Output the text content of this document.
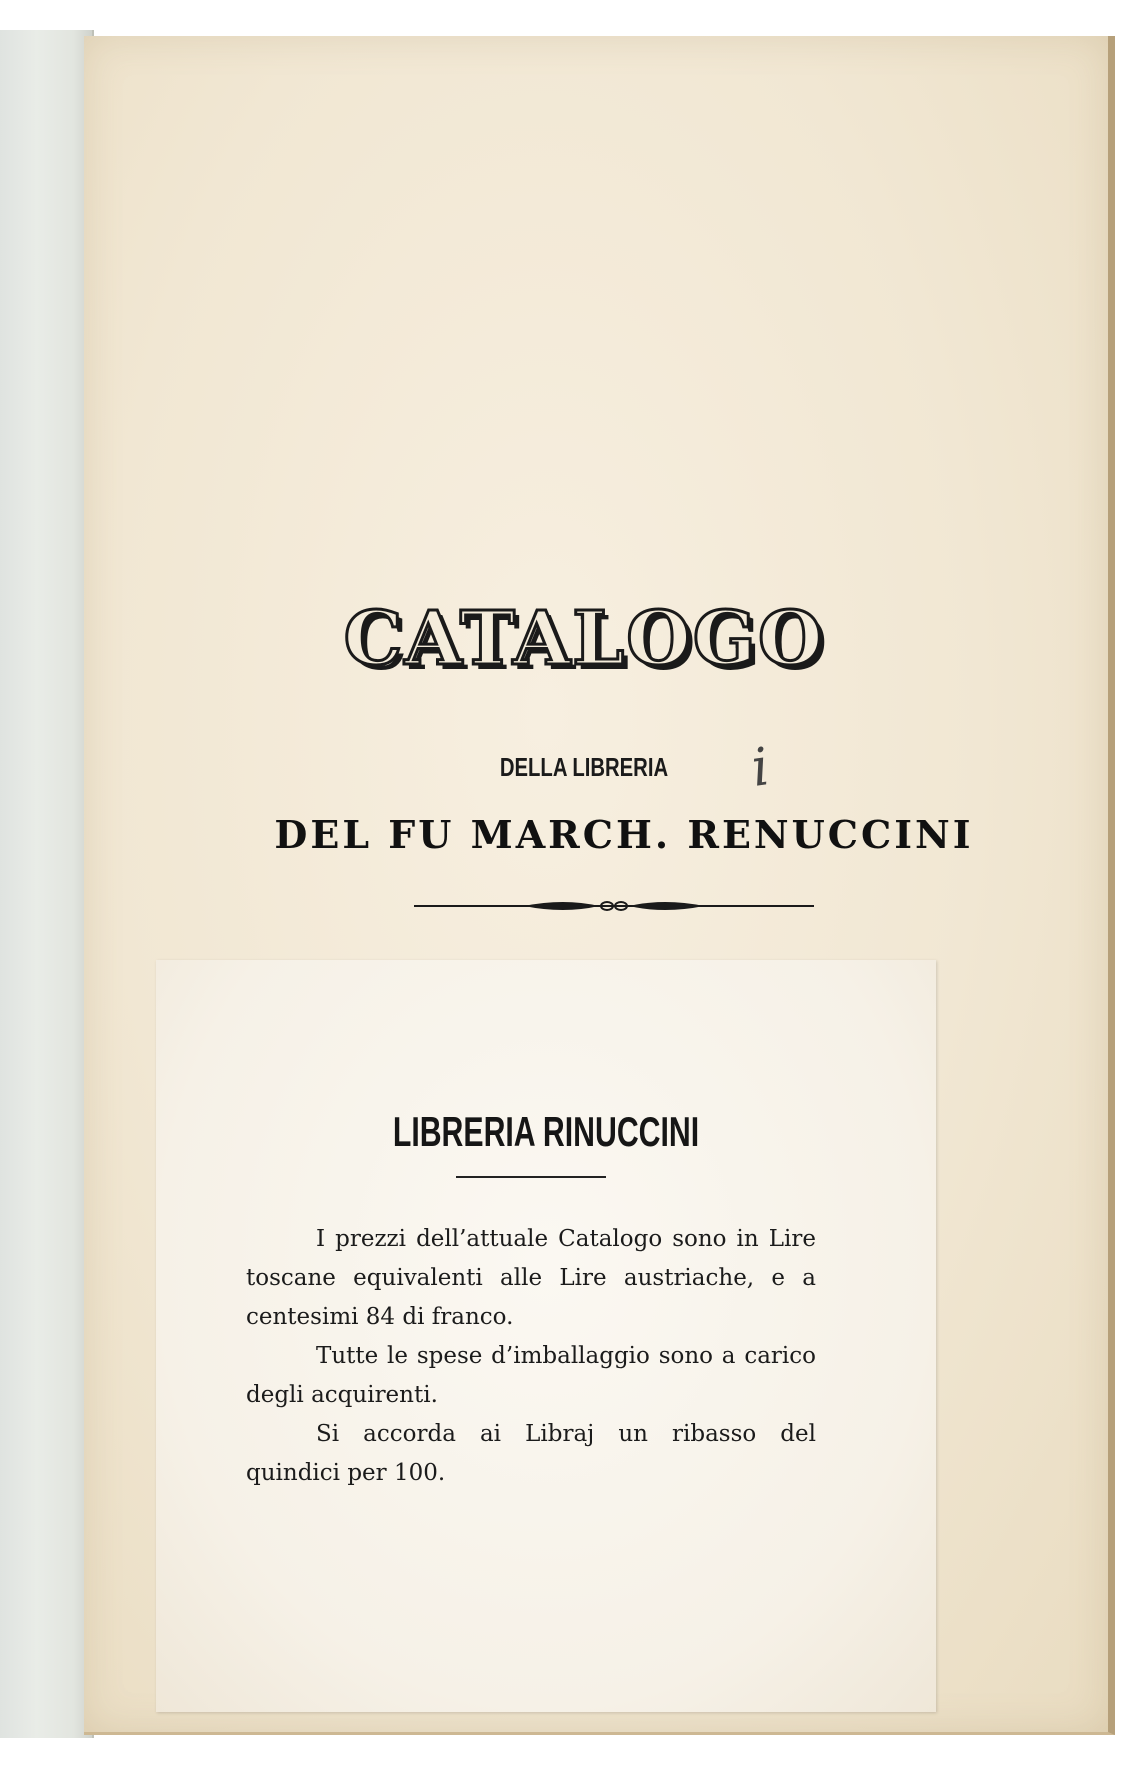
CATALOGO
DELLA LIBRERIA	i
DEL FU MARCH. RENUCCINI
LIBRERIA RINUCCINI

I prezzi dell’attuale Catalogo sono in Lire toscane equivalenti alle Lire austriache, e a centesimi 84 di franco.

Tutte le spese d’imballaggio sono a carico degli acquirenti.

Si accorda ai Libraj un ribasso del quindici per 100.
